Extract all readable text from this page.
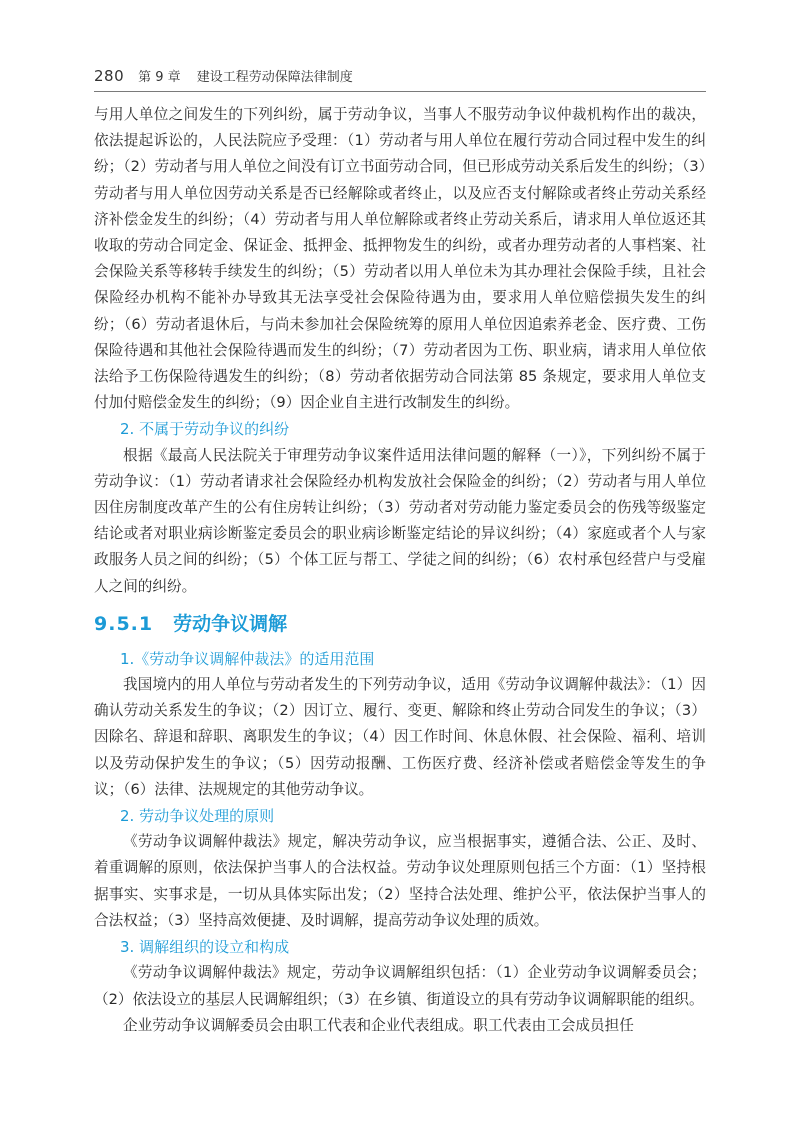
280 第 9 章 建设工程劳动保障法律制度

与用人单位之间发生的下列纠纷，属于劳动争议，当事人不服劳动争议仲裁机构作出的裁决，依法提起诉讼的，人民法院应予受理：（1）劳动者与用人单位在履行劳动合同过程中发生的纠纷；（2）劳动者与用人单位之间没有订立书面劳动合同，但已形成劳动关系后发生的纠纷；（3）劳动者与用人单位因劳动关系是否已经解除或者终止，以及应否支付解除或者终止劳动关系经济补偿金发生的纠纷；（4）劳动者与用人单位解除或者终止劳动关系后，请求用人单位返还其收取的劳动合同定金、保证金、抵押金、抵押物发生的纠纷，或者办理劳动者的人事档案、社会保险关系等移转手续发生的纠纷；（5）劳动者以用人单位未为其办理社会保险手续，且社会保险经办机构不能补办导致其无法享受社会保险待遇为由，要求用人单位赔偿损失发生的纠纷；（6）劳动者退休后，与尚未参加社会保险统筹的原用人单位因追索养老金、医疗费、工伤保险待遇和其他社会保险待遇而发生的纠纷；（7）劳动者因为工伤、职业病，请求用人单位依法给予工伤保险待遇发生的纠纷；（8）劳动者依据劳动合同法第 85 条规定，要求用人单位支付加付赔偿金发生的纠纷；（9）因企业自主进行改制发生的纠纷。

2. 不属于劳动争议的纠纷

根据《最高人民法院关于审理劳动争议案件适用法律问题的解释（一）》，下列纠纷不属于劳动争议：（1）劳动者请求社会保险经办机构发放社会保险金的纠纷；（2）劳动者与用人单位因住房制度改革产生的公有住房转让纠纷；（3）劳动者对劳动能力鉴定委员会的伤残等级鉴定结论或者对职业病诊断鉴定委员会的职业病诊断鉴定结论的异议纠纷；（4）家庭或者个人与家政服务人员之间的纠纷；（5）个体工匠与帮工、学徒之间的纠纷；（6）农村承包经营户与受雇人之间的纠纷。

9.5.1 劳动争议调解

1.《劳动争议调解仲裁法》的适用范围

我国境内的用人单位与劳动者发生的下列劳动争议，适用《劳动争议调解仲裁法》：（1）因确认劳动关系发生的争议；（2）因订立、履行、变更、解除和终止劳动合同发生的争议；（3）因除名、辞退和辞职、离职发生的争议；（4）因工作时间、休息休假、社会保险、福利、培训以及劳动保护发生的争议；（5）因劳动报酬、工伤医疗费、经济补偿或者赔偿金等发生的争议；（6）法律、法规规定的其他劳动争议。

2. 劳动争议处理的原则

《劳动争议调解仲裁法》规定，解决劳动争议，应当根据事实，遵循合法、公正、及时、着重调解的原则，依法保护当事人的合法权益。劳动争议处理原则包括三个方面：（1）坚持根据事实、实事求是，一切从具体实际出发；（2）坚持合法处理、维护公平，依法保护当事人的合法权益；（3）坚持高效便捷、及时调解，提高劳动争议处理的质效。

3. 调解组织的设立和构成

《劳动争议调解仲裁法》规定，劳动争议调解组织包括：（1）企业劳动争议调解委员会；（2）依法设立的基层人民调解组织；（3）在乡镇、街道设立的具有劳动争议调解职能的组织。

企业劳动争议调解委员会由职工代表和企业代表组成。职工代表由工会成员担任
